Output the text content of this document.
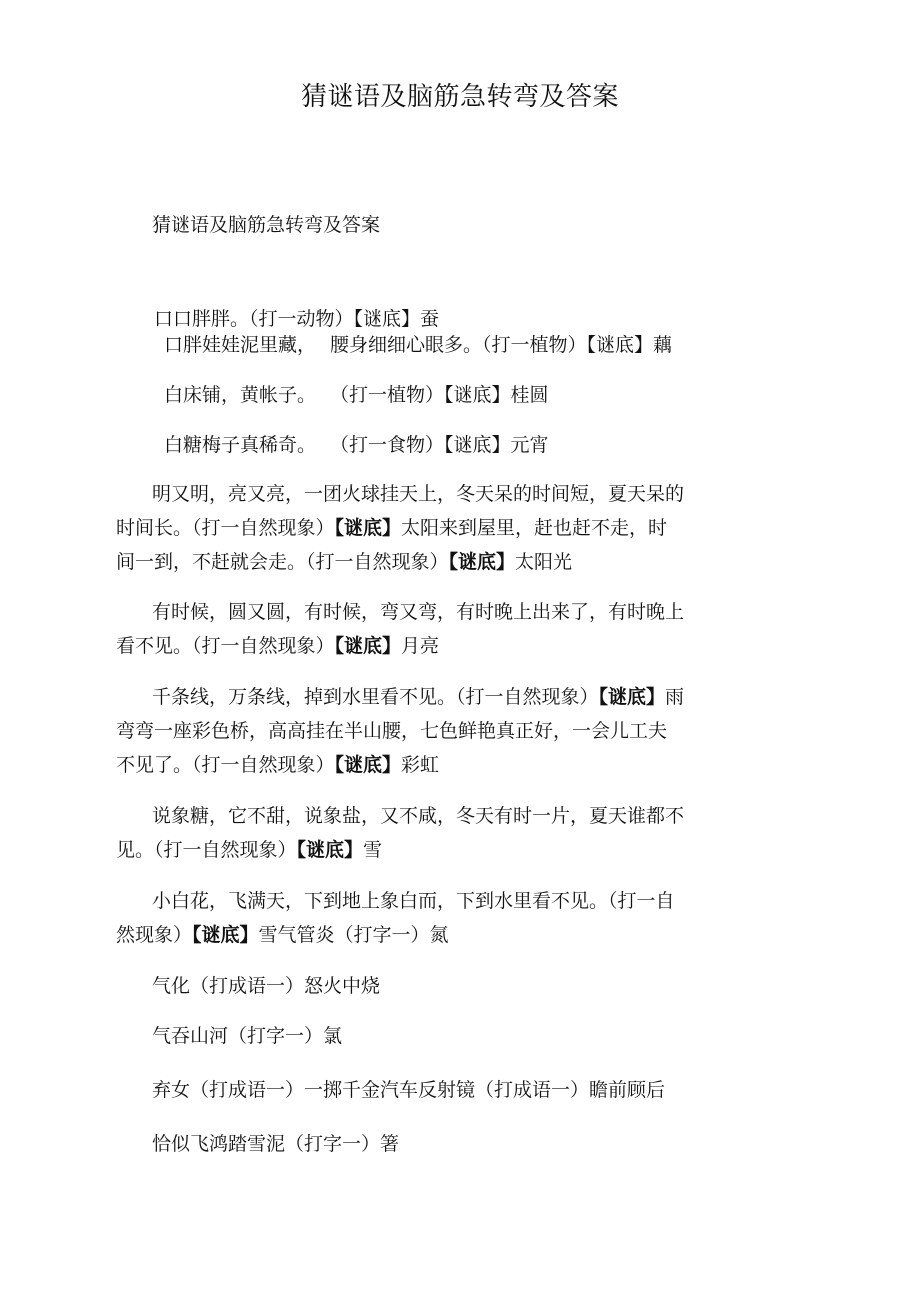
猜谜语及脑筋急转弯及答案
猜谜语及脑筋急转弯及答案
口口胖胖。（打一动物）【谜底】蚕
口胖娃娃泥里藏， 腰身细细心眼多。（打一植物）【谜底】藕
白床铺，黄帐子。 （打一植物）【谜底】桂圆
白糖梅子真稀奇。 （打一食物）【谜底】元宵
明又明，亮又亮，一团火球挂天上，冬天呆的时间短，夏天呆的
时间长。（打一自然现象）【谜底】太阳来到屋里，赶也赶不走，时
间一到，不赶就会走。（打一自然现象）【谜底】太阳光
有时候，圆又圆，有时候，弯又弯，有时晚上出来了，有时晚上
看不见。（打一自然现象）【谜底】月亮
千条线，万条线，掉到水里看不见。（打一自然现象）【谜底】雨
弯弯一座彩色桥，高高挂在半山腰，七色鲜艳真正好，一会儿工夫
不见了。（打一自然现象）【谜底】彩虹
说象糖，它不甜，说象盐，又不咸，冬天有时一片，夏天谁都不
见。（打一自然现象）【谜底】雪
小白花，飞满天，下到地上象白而，下到水里看不见。（打一自
然现象）【谜底】雪气管炎（打字一）氮
气化（打成语一）怒火中烧
气吞山河（打字一）氯
弃女（打成语一）一掷千金汽车反射镜（打成语一）瞻前顾后
恰似飞鸿踏雪泥（打字一）箸
